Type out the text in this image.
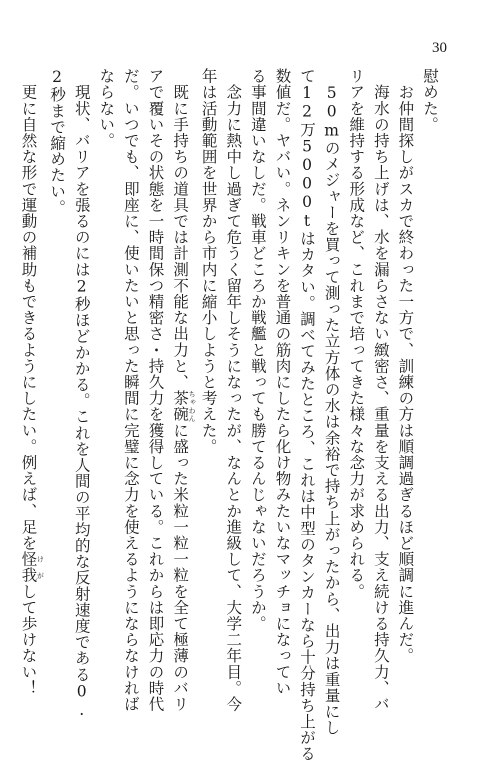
30
慰めた。
　お仲間探しがスカで終わった一方で、訓練の方は順調過ぎるほど順調に進んだ。
　海水の持ち上げは、水を漏らさない緻密さ、重量を支える出力、支え続ける持久力、バ
リアを維持する形成など、これまで培ってきた様々な念力が求められる。
　50mのメジャーを買って測った立方体の水は余裕で持ち上がったから、出力は重量にし
て12万5000tはカタい。調べてみたところ、これは中型のタンカーなら十分持ち上がる
数値だ。ヤバい。ネンリキンを普通の筋肉にしたら化け物みたいなマッチョになってい
る事間違いなしだ。戦車どころか戦艦と戦っても勝てるんじゃないだろうか。
　念力に熱中し過ぎて危うく留年しそうになったが、なんとか進級して、大学二年目。今
年は活動範囲を世界から市内に縮小しようと考えた。
　既に手持ちの道具では計測不能な出力と、茶碗 ちゃわんに盛った米粒一粒一粒を全て極薄のバリ
アで覆いその状態を一時間保つ精密さ・持久力を獲得している。これからは即応力の時代
だ。いつでも、即座に、使いたいと思った瞬間に完璧に念力を使えるようにならなければ
ならない。
　現状、バリアを張るのには2秒ほどかかる。これを人間の平均的な反射速度である0.
2秒まで縮めたい。
　更に自然な形で運動の補助もできるようにしたい。例えば、足を怪我 けがして歩けない！
